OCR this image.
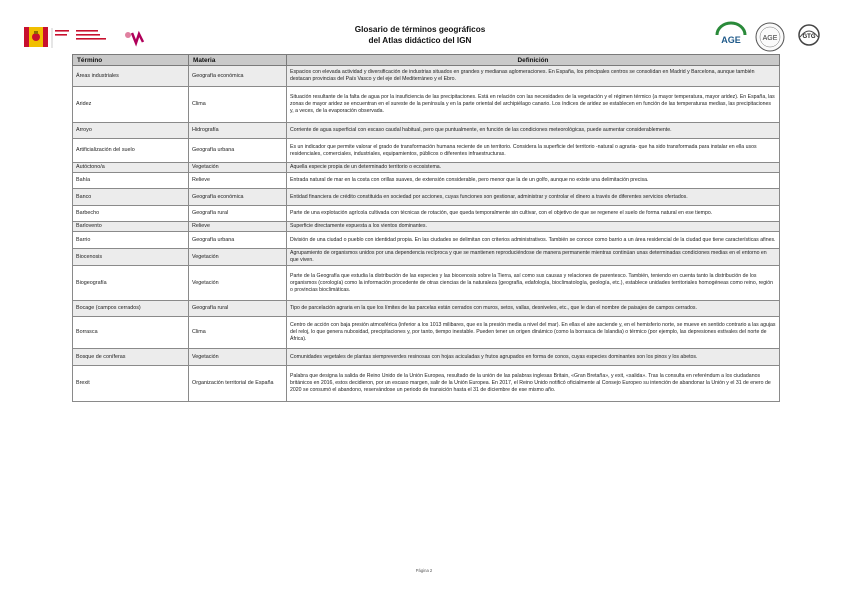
Glosario de términos geográficos
del Atlas didáctico del IGN	AGE	AGE	GTG
Término	Materia	Definición
Áreas industriales	Geografía económica	Espacios con elevada actividad y diversificación de industrias situados en grandes y medianas aglomeraciones. En España, los principales centros se consolidan en Madrid y Barcelona, aunque también destacan provincias del País Vasco y del eje del Mediterráneo y el Ebro.
Aridez	Clima	Situación resultante de la falta de agua por la insuficiencia de las precipitaciones. Está en relación con las necesidades de la vegetación y el régimen térmico (a mayor temperatura, mayor aridez). En España, las zonas de mayor aridez se encuentran en el sureste de la península y en la parte oriental del archipiélago canario. Los índices de aridez se establecen en función de las temperaturas medias, las precipitaciones y, a veces, de la evaporación observada.
Arroyo	Hidrografía	Corriente de agua superficial con escaso caudal habitual, pero que puntualmente, en función de las condiciones meteorológicas, puede aumentar considerablemente.
Artificialización del suelo	Geografía urbana	Es un indicador que permite valorar el grado de transformación humana reciente de un territorio. Considera la superficie del territorio -natural o agraria- que ha sido transformada para instalar en ella usos residenciales, comerciales, industriales, equipamientos, públicos o diferentes infraestructuras.
Autóctono/a	Vegetación	Aquella especie propia de un determinado territorio o ecosistema.
Bahía	Relieve	Entrada natural de mar en la costa con orillas suaves, de extensión considerable, pero menor que la de un golfo, aunque no existe una delimitación precisa.
Banco	Geografía económica	Entidad financiera de crédito constituida en sociedad por acciones, cuyas funciones son gestionar, administrar y controlar el dinero a través de diferentes servicios ofertados.
Barbecho	Geografía rural	Parte de una explotación agrícola cultivada con técnicas de rotación, que queda temporalmente sin cultivar, con el objetivo de que se regenere el suelo de forma natural en ese tiempo.
Barlovento	Relieve	Superficie directamente expuesta a los vientos dominantes.
Barrio	Geografía urbana	División de una ciudad o pueblo con identidad propia. En las ciudades se delimitan con criterios administrativos. También se conoce como barrio a un área residencial de la ciudad que tiene características afines.
Biocenosis	Vegetación	Agrupamiento de organismos unidos por una dependencia recíproca y que se mantienen reproduciéndose de manera permanente mientras continúan unas determinadas condiciones medias en el entorno en que viven.
Biogeografía	Vegetación	Parte de la Geografía que estudia la distribución de las especies y las biocenosis sobre la Tierra, así como sus causas y relaciones de parentesco. También, teniendo en cuenta tanto la distribución de los organismos (corología) como la información procedente de otras ciencias de la naturaleza (geografía, edafología, bioclimatología, geología, etc.), establece unidades territoriales homogéneas como reino, región o provincias bioclimáticas.
Bocage (campos cerrados)	Geografía rural	Tipo de parcelación agraria en la que los límites de las parcelas están cerrados con muros, setos, vallas, desniveles, etc., que le dan el nombre de paisajes de campos cerrados.
Borrasca	Clima	Centro de acción con baja presión atmosférica (inferior a los 1013 milibares, que es la presión media a nivel del mar). En ellas el aire asciende y, en el hemisferio norte, se mueve en sentido contrario a las agujas del reloj, lo que genera nubosidad, precipitaciones y, por tanto, tiempo inestable. Pueden tener un origen dinámico (como la borrasca de Islandia) o térmico (por ejemplo, las depresiones estivales del norte de África).
Bosque de coníferas	Vegetación	Comunidades vegetales de plantas siempreverdes resinosas con hojas aciculadas y frutos agrupados en forma de conos, cuyas especies dominantes son los pinos y los abetos.
Brexit	Organización territorial de España	Palabra que designa la salida de Reino Unido de la Unión Europea, resultado de la unión de las palabras inglesas Britain, «Gran Bretaña», y exit, «salida». Tras la consulta en referéndum a los ciudadanos británicos en 2016, estos decidieron, por un escaso margen, salir de la Unión Europea. En 2017, el Reino Unido notificó oficialmente al Consejo Europeo su intención de abandonar la Unión y el 31 de enero de 2020 se consumó el abandono, reservándose un periodo de transición hasta el 31 de diciembre de ese mismo año.
Página 2
